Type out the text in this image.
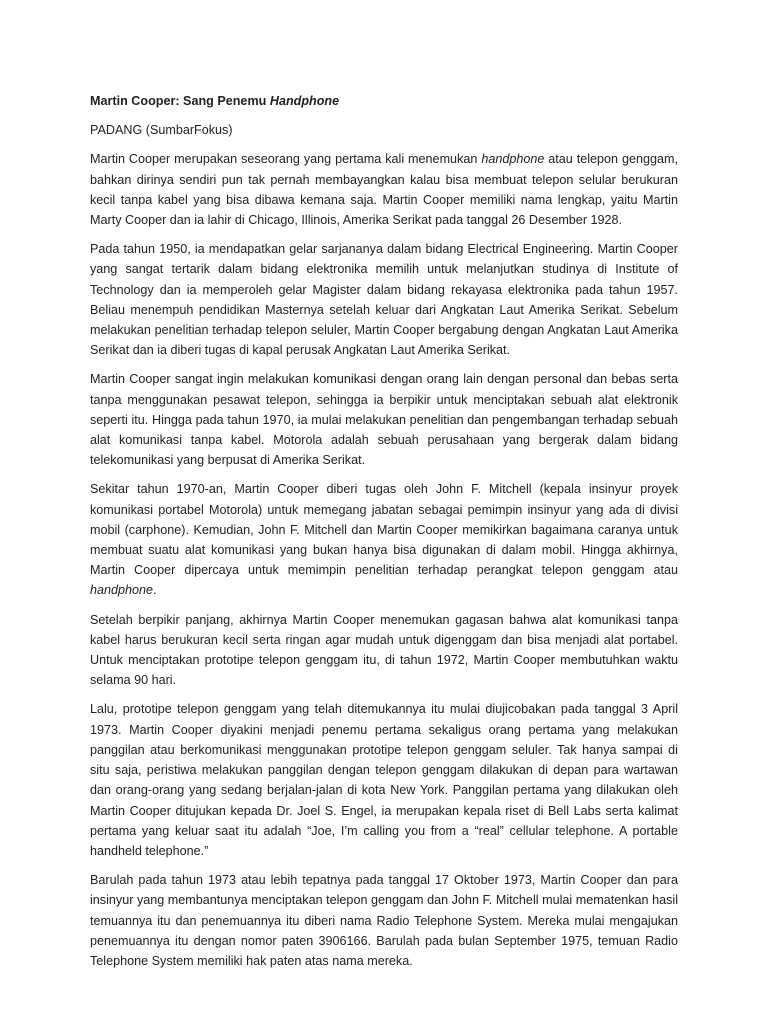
Martin Cooper: Sang Penemu Handphone
PADANG (SumbarFokus)

Martin Cooper merupakan seseorang yang pertama kali menemukan handphone atau telepon genggam, bahkan dirinya sendiri pun tak pernah membayangkan kalau bisa membuat telepon selular berukuran kecil tanpa kabel yang bisa dibawa kemana saja. Martin Cooper memiliki nama lengkap, yaitu Martin Marty Cooper dan ia lahir di Chicago, Illinois, Amerika Serikat pada tanggal 26 Desember 1928.

Pada tahun 1950, ia mendapatkan gelar sarjananya dalam bidang Electrical Engineering. Martin Cooper yang sangat tertarik dalam bidang elektronika memilih untuk melanjutkan studinya di Institute of Technology dan ia memperoleh gelar Magister dalam bidang rekayasa elektronika pada tahun 1957. Beliau menempuh pendidikan Masternya setelah keluar dari Angkatan Laut Amerika Serikat. Sebelum melakukan penelitian terhadap telepon seluler, Martin Cooper bergabung dengan Angkatan Laut Amerika Serikat dan ia diberi tugas di kapal perusak Angkatan Laut Amerika Serikat.

Martin Cooper sangat ingin melakukan komunikasi dengan orang lain dengan personal dan bebas serta tanpa menggunakan pesawat telepon, sehingga ia berpikir untuk menciptakan sebuah alat elektronik seperti itu. Hingga pada tahun 1970, ia mulai melakukan penelitian dan pengembangan terhadap sebuah alat komunikasi tanpa kabel. Motorola adalah sebuah perusahaan yang bergerak dalam bidang telekomunikasi yang berpusat di Amerika Serikat.

Sekitar tahun 1970-an, Martin Cooper diberi tugas oleh John F. Mitchell (kepala insinyur proyek komunikasi portabel Motorola) untuk memegang jabatan sebagai pemimpin insinyur yang ada di divisi mobil (carphone). Kemudian, John F. Mitchell dan Martin Cooper memikirkan bagaimana caranya untuk membuat suatu alat komunikasi yang bukan hanya bisa digunakan di dalam mobil. Hingga akhirnya, Martin Cooper dipercaya untuk memimpin penelitian terhadap perangkat telepon genggam atau handphone.

Setelah berpikir panjang, akhirnya Martin Cooper menemukan gagasan bahwa alat komunikasi tanpa kabel harus berukuran kecil serta ringan agar mudah untuk digenggam dan bisa menjadi alat portabel. Untuk menciptakan prototipe telepon genggam itu, di tahun 1972, Martin Cooper membutuhkan waktu selama 90 hari.

Lalu, prototipe telepon genggam yang telah ditemukannya itu mulai diujicobakan pada tanggal 3 April 1973. Martin Cooper diyakini menjadi penemu pertama sekaligus orang pertama yang melakukan panggilan atau berkomunikasi menggunakan prototipe telepon genggam seluler. Tak hanya sampai di situ saja, peristiwa melakukan panggilan dengan telepon genggam dilakukan di depan para wartawan dan orang-orang yang sedang berjalan-jalan di kota New York. Panggilan pertama yang dilakukan oleh Martin Cooper ditujukan kepada Dr. Joel S. Engel, ia merupakan kepala riset di Bell Labs serta kalimat pertama yang keluar saat itu adalah “Joe, I’m calling you from a “real” cellular telephone. A portable handheld telephone.”

Barulah pada tahun 1973 atau lebih tepatnya pada tanggal 17 Oktober 1973, Martin Cooper dan para insinyur yang membantunya menciptakan telepon genggam dan John F. Mitchell mulai mematenkan hasil temuannya itu dan penemuannya itu diberi nama Radio Telephone System. Mereka mulai mengajukan penemuannya itu dengan nomor paten 3906166. Barulah pada bulan September 1975, temuan Radio Telephone System memiliki hak paten atas nama mereka.
